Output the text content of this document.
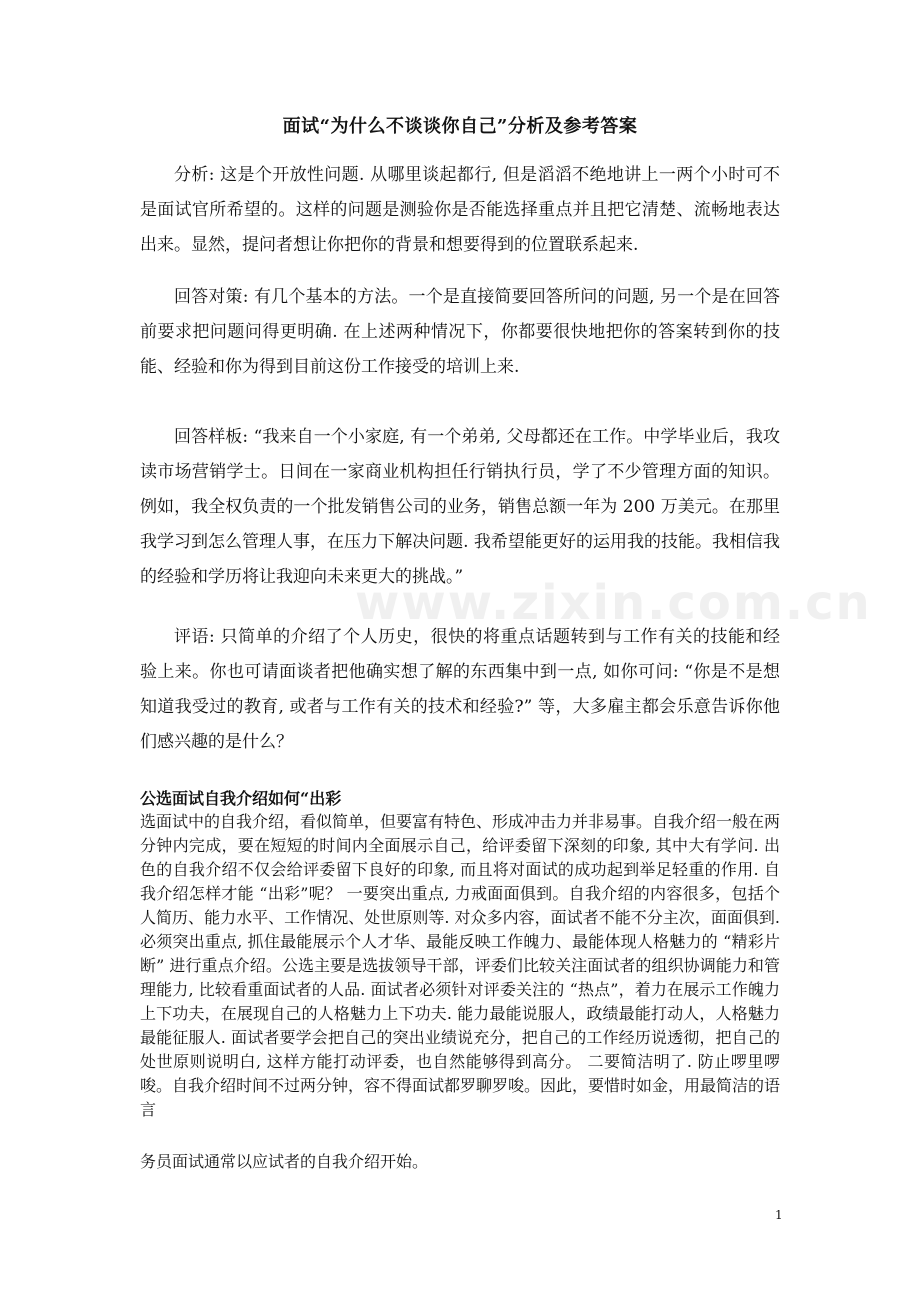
www.zixin.com.cn
面试“为什么不谈谈你自己”分析及参考答案

分析: 这是个开放性问题. 从哪里谈起都行, 但是滔滔不绝地讲上一两个小时可不是面试官所希望的。这样的问题是测验你是否能选择重点并且把它清楚、流畅地表达出来。显然，提问者想让你把你的背景和想要得到的位置联系起来.

回答对策: 有几个基本的方法。一个是直接简要回答所问的问题, 另一个是在回答前要求把问题问得更明确. 在上述两种情况下，你都要很快地把你的答案转到你的技能、经验和你为得到目前这份工作接受的培训上来.

回答样板: “我来自一个小家庭, 有一个弟弟, 父母都还在工作。中学毕业后，我攻读市场营销学士。日间在一家商业机构担任行销执行员，学了不少管理方面的知识。例如，我全权负责的一个批发销售公司的业务，销售总额一年为 200 万美元。在那里我学习到怎么管理人事，在压力下解决问题. 我希望能更好的运用我的技能。我相信我的经验和学历将让我迎向未来更大的挑战。”

评语: 只简单的介绍了个人历史，很快的将重点话题转到与工作有关的技能和经验上来。你也可请面谈者把他确实想了解的东西集中到一点, 如你可问: “你是不是想知道我受过的教育, 或者与工作有关的技术和经验?” 等，大多雇主都会乐意告诉你他们感兴趣的是什么？

公选面试自我介绍如何“出彩

选面试中的自我介绍，看似简单，但要富有特色、形成冲击力并非易事。自我介绍一般在两分钟内完成，要在短短的时间内全面展示自己，给评委留下深刻的印象, 其中大有学问. 出色的自我介绍不仅会给评委留下良好的印象, 而且将对面试的成功起到举足轻重的作用. 自我介绍怎样才能 “出彩”呢？ 一要突出重点, 力戒面面俱到。自我介绍的内容很多，包括个人简历、能力水平、工作情况、处世原则等. 对众多内容，面试者不能不分主次，面面俱到. 必须突出重点, 抓住最能展示个人才华、最能反映工作魄力、最能体现人格魅力的 “精彩片断” 进行重点介绍。公选主要是选拔领导干部，评委们比较关注面试者的组织协调能力和管理能力, 比较看重面试者的人品. 面试者必须针对评委关注的 “热点”，着力在展示工作魄力上下功夫，在展现自己的人格魅力上下功夫. 能力最能说服人，政绩最能打动人，人格魅力最能征服人. 面试者要学会把自己的突出业绩说充分，把自己的工作经历说透彻，把自己的处世原则说明白, 这样方能打动评委，也自然能够得到高分。 二要简洁明了. 防止啰里啰唆。自我介绍时间不过两分钟，容不得面试都罗聊罗唆。因此，要惜时如金，用最简洁的语言

务员面试通常以应试者的自我介绍开始。

1
